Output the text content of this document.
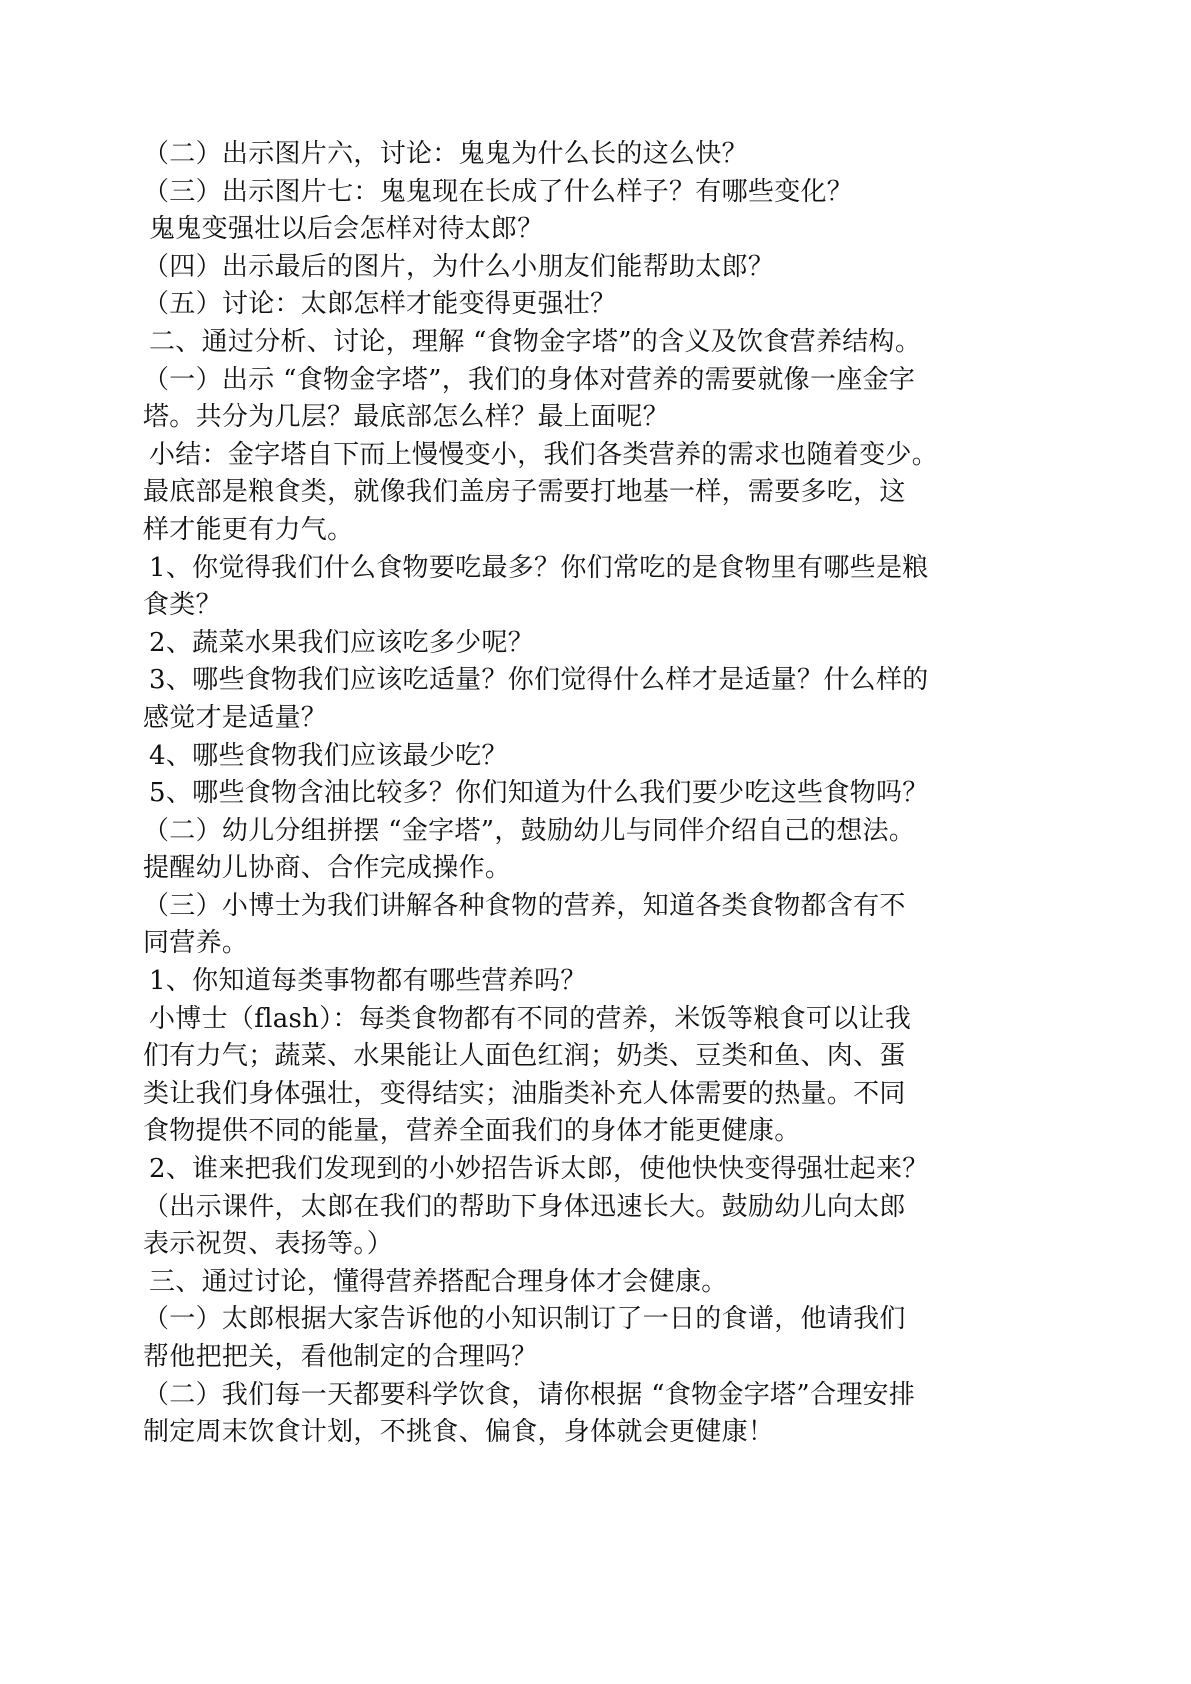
（二）出示图片六，讨论：鬼鬼为什么长的这么快？
（三）出示图片七：鬼鬼现在长成了什么样子？有哪些变化？
鬼鬼变强壮以后会怎样对待太郎？
（四）出示最后的图片，为什么小朋友们能帮助太郎？
（五）讨论：太郎怎样才能变得更强壮？
二、通过分析、讨论，理解 “食物金字塔”的含义及饮食营养结构。
（一）出示 “食物金字塔”，我们的身体对营养的需要就像一座金字
塔。共分为几层？最底部怎么样？最上面呢？
小结：金字塔自下而上慢慢变小，我们各类营养的需求也随着变少。
最底部是粮食类，就像我们盖房子需要打地基一样，需要多吃，这
样才能更有力气。
1、你觉得我们什么食物要吃最多？你们常吃的是食物里有哪些是粮
食类？
2、蔬菜水果我们应该吃多少呢？
3、哪些食物我们应该吃适量？你们觉得什么样才是适量？什么样的
感觉才是适量？
4、哪些食物我们应该最少吃？
5、哪些食物含油比较多？你们知道为什么我们要少吃这些食物吗？
（二）幼儿分组拼摆 “金字塔”，鼓励幼儿与同伴介绍自己的想法。
提醒幼儿协商、合作完成操作。
（三）小博士为我们讲解各种食物的营养，知道各类食物都含有不
同营养。
1、你知道每类事物都有哪些营养吗？
小博士（flash）：每类食物都有不同的营养，米饭等粮食可以让我
们有力气；蔬菜、水果能让人面色红润；奶类、豆类和鱼、肉、蛋
类让我们身体强壮，变得结实；油脂类补充人体需要的热量。不同
食物提供不同的能量，营养全面我们的身体才能更健康。
2、谁来把我们发现到的小妙招告诉太郎，使他快快变得强壮起来？
（出示课件，太郎在我们的帮助下身体迅速长大。鼓励幼儿向太郎
表示祝贺、表扬等。）
三、通过讨论，懂得营养搭配合理身体才会健康。
（一）太郎根据大家告诉他的小知识制订了一日的食谱，他请我们
帮他把把关，看他制定的合理吗？
（二）我们每一天都要科学饮食，请你根据 “食物金字塔”合理安排
制定周末饮食计划，不挑食、偏食，身体就会更健康！
